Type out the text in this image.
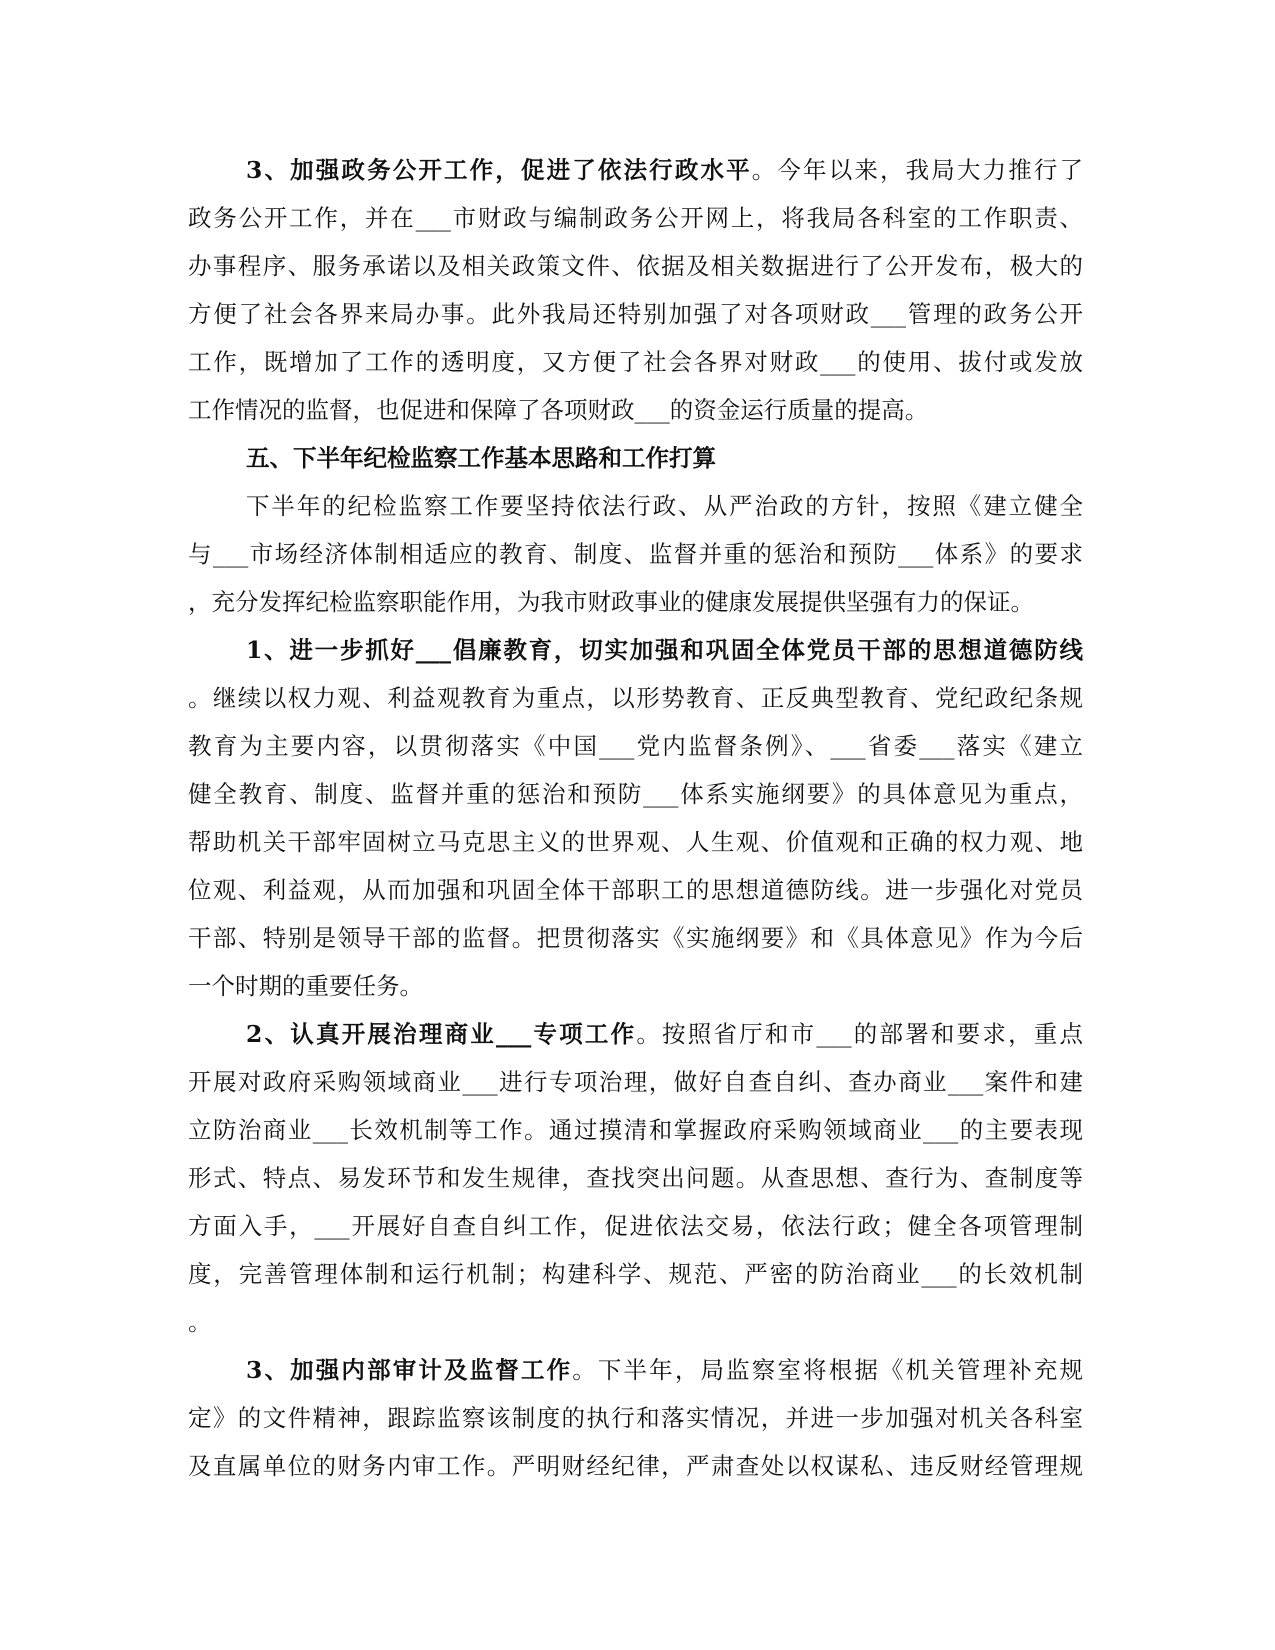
3、加强政务公开工作，促进了依法行政水平。今年以来，我局大力推行了
政务公开工作，并在___市财政与编制政务公开网上，将我局各科室的工作职责、
办事程序、服务承诺以及相关政策文件、依据及相关数据进行了公开发布，极大的
方便了社会各界来局办事。此外我局还特别加强了对各项财政___管理的政务公开
工作，既增加了工作的透明度，又方便了社会各界对财政___的使用、拔付或发放
工作情况的监督，也促进和保障了各项财政___的资金运行质量的提高。
五、下半年纪检监察工作基本思路和工作打算
下半年的纪检监察工作要坚持依法行政、从严治政的方针，按照《建立健全
与___市场经济体制相适应的教育、制度、监督并重的惩治和预防___体系》的要求
，充分发挥纪检监察职能作用，为我市财政事业的健康发展提供坚强有力的保证。
1、进一步抓好___倡廉教育，切实加强和巩固全体党员干部的思想道德防线
。继续以权力观、利益观教育为重点，以形势教育、正反典型教育、党纪政纪条规
教育为主要内容，以贯彻落实《中国___党内监督条例》、___省委___落实《建立
健全教育、制度、监督并重的惩治和预防___体系实施纲要》的具体意见为重点，
帮助机关干部牢固树立马克思主义的世界观、人生观、价值观和正确的权力观、地
位观、利益观，从而加强和巩固全体干部职工的思想道德防线。进一步强化对党员
干部、特别是领导干部的监督。把贯彻落实《实施纲要》和《具体意见》作为今后
一个时期的重要任务。
2、认真开展治理商业___专项工作。按照省厅和市___的部署和要求，重点
开展对政府采购领域商业___进行专项治理，做好自查自纠、查办商业___案件和建
立防治商业___长效机制等工作。通过摸清和掌握政府采购领域商业___的主要表现
形式、特点、易发环节和发生规律，查找突出问题。从查思想、查行为、查制度等
方面入手，___开展好自查自纠工作，促进依法交易，依法行政；健全各项管理制
度，完善管理体制和运行机制；构建科学、规范、严密的防治商业___的长效机制
。
3、加强内部审计及监督工作。下半年，局监察室将根据《机关管理补充规
定》的文件精神，跟踪监察该制度的执行和落实情况，并进一步加强对机关各科室
及直属单位的财务内审工作。严明财经纪律，严肃查处以权谋私、违反财经管理规
